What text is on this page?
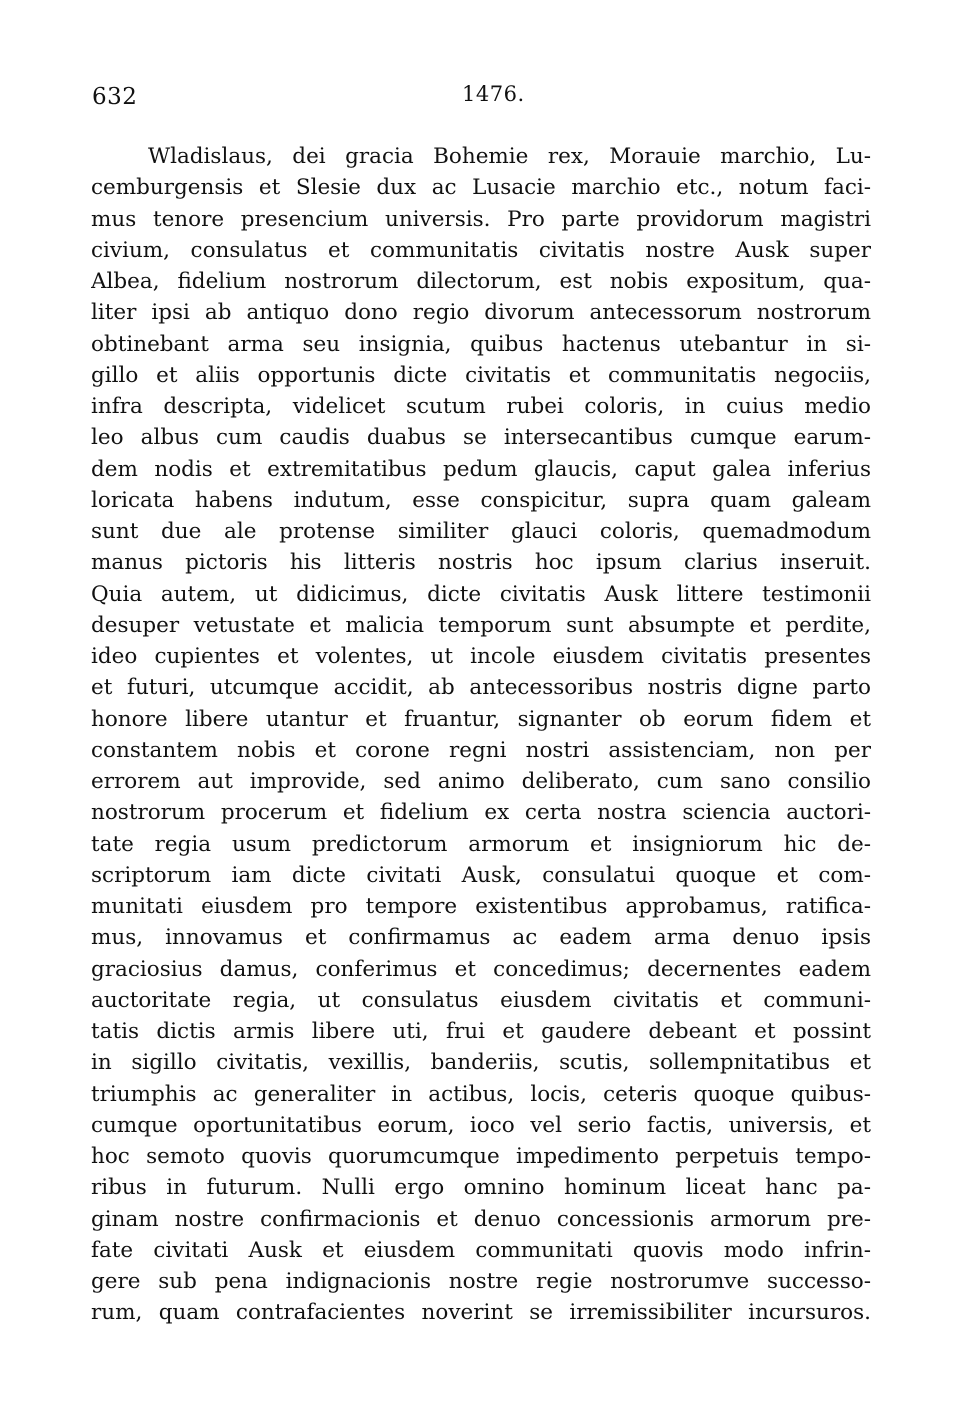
632	1476.
Wladislaus, dei gracia Bohemie rex, Morauie marchio, Lu-
cemburgensis et Slesie dux ac Lusacie marchio etc., notum faci-
mus tenore presencium universis. Pro parte providorum magistri
civium, consulatus et communitatis civitatis nostre Ausk super
Albea, fidelium nostrorum dilectorum, est nobis expositum, qua-
liter ipsi ab antiquo dono regio divorum antecessorum nostrorum
obtinebant arma seu insignia, quibus hactenus utebantur in si-
gillo et aliis opportunis dicte civitatis et communitatis negociis,
infra descripta, videlicet scutum rubei coloris, in cuius medio
leo albus cum caudis duabus se intersecantibus cumque earum-
dem nodis et extremitatibus pedum glaucis, caput galea inferius
loricata habens indutum, esse conspicitur, supra quam galeam
sunt due ale protense similiter glauci coloris, quemadmodum
manus pictoris his litteris nostris hoc ipsum clarius inseruit.
Quia autem, ut didicimus, dicte civitatis Ausk littere testimonii
desuper vetustate et malicia temporum sunt absumpte et perdite,
ideo cupientes et volentes, ut incole eiusdem civitatis presentes
et futuri, utcumque accidit, ab antecessoribus nostris digne parto
honore libere utantur et fruantur, signanter ob eorum fidem et
constantem nobis et corone regni nostri assistenciam, non per
errorem aut improvide, sed animo deliberato, cum sano consilio
nostrorum procerum et fidelium ex certa nostra sciencia auctori-
tate regia usum predictorum armorum et insigniorum hic de-
scriptorum iam dicte civitati Ausk, consulatui quoque et com-
munitati eiusdem pro tempore existentibus approbamus, ratifica-
mus, innovamus et confirmamus ac eadem arma denuo ipsis
graciosius damus, conferimus et concedimus; decernentes eadem
auctoritate regia, ut consulatus eiusdem civitatis et communi-
tatis dictis armis libere uti, frui et gaudere debeant et possint
in sigillo civitatis, vexillis, banderiis, scutis, sollempnitatibus et
triumphis ac generaliter in actibus, locis, ceteris quoque quibus-
cumque oportunitatibus eorum, ioco vel serio factis, universis, et
hoc semoto quovis quorumcumque impedimento perpetuis tempo-
ribus in futurum. Nulli ergo omnino hominum liceat hanc pa-
ginam nostre confirmacionis et denuo concessionis armorum pre-
fate civitati Ausk et eiusdem communitati quovis modo infrin-
gere sub pena indignacionis nostre regie nostrorumve successo-
rum, quam contrafacientes noverint se irremissibiliter incursuros.
